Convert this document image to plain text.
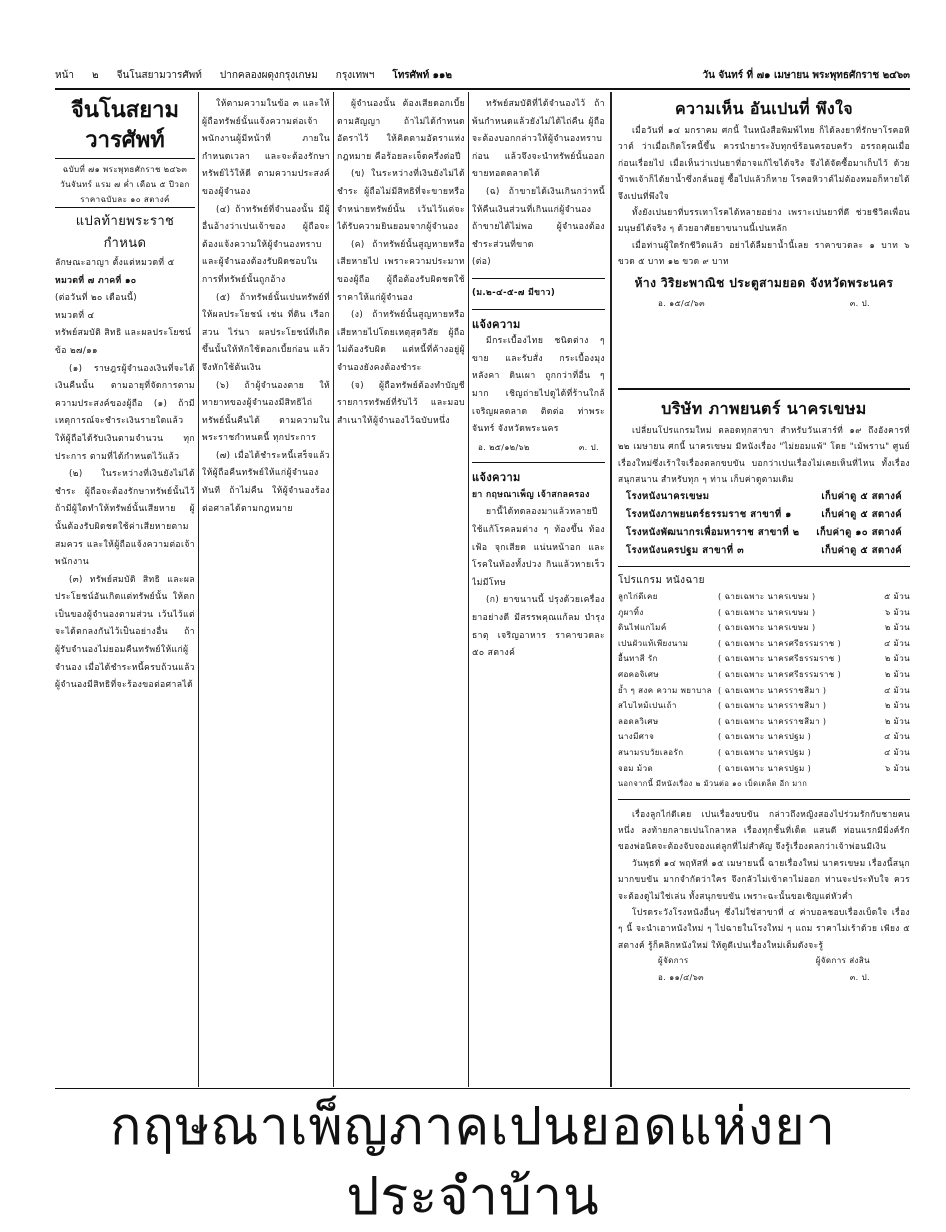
หน้า ๒ จีนโนสยามวารศัพท์ ปากคลองผดุงกรุงเกษม กรุงเทพฯ โทรศัพท์ ๑๑๒	วัน จันทร์ ที่ ๗๑ เมษายน พระพุทธศักราช ๒๔๖๓
จีนโนสยามวารศัพท์
ฉบับที่ ๗๑ พระพุทธศักราช ๒๔๖๓
วันจันทร์ แรม ๗ ค่ำ เดือน ๕ ปีวอก
ราคาฉบับละ ๑๐ สตางค์
แปลท้ายพระราชกำหนด

ลักษณะอาญา ตั้งแต่หมวดที่ ๕

หมวดที่ ๗ ภาคที่ ๑๐

(ต่อวันที่ ๒๐ เดือนนี้)

หมวดที่ ๔

ทรัพย์สมบัติ สิทธิ และผลประโยชน์

ข้อ ๒๗/๑๑

(๑) ราษฎรผู้จำนองเงินที่จะได้เงินคืนนั้น ตามอายุที่จัดการตามความประสงค์ของผู้ถือ (๑) ถ้ามีเหตุการณ์จะชำระเงินรายใดแล้ว ให้ผู้ถือได้รับเงินตามจำนวน ทุกประการ ตามที่ได้กำหนดไว้แล้ว

(๒) ในระหว่างที่เงินยังไม่ได้ชำระ ผู้ถือจะต้องรักษาทรัพย์นั้นไว้ ถ้ามีผู้ใดทำให้ทรัพย์นั้นเสียหาย ผู้นั้นต้องรับผิดชดใช้ค่าเสียหายตามสมควร และให้ผู้ถือแจ้งความต่อเจ้าพนักงาน

(๓) ทรัพย์สมบัติ สิทธิ และผลประโยชน์อันเกิดแต่ทรัพย์นั้น ให้ตกเป็นของผู้จำนองตามส่วน เว้นไว้แต่จะได้ตกลงกันไว้เป็นอย่างอื่น ถ้าผู้รับจำนองไม่ยอมคืนทรัพย์ให้แก่ผู้จำนอง เมื่อได้ชำระหนี้ครบถ้วนแล้ว ผู้จำนองมีสิทธิที่จะร้องขอต่อศาลได้

ให้ตามความในข้อ ๓ และให้ผู้ถือทรัพย์นั้นแจ้งความต่อเจ้าพนักงานผู้มีหน้าที่ ภายในกำหนดเวลา และจะต้องรักษาทรัพย์ไว้ให้ดี ตามความประสงค์ของผู้จำนอง

(๔) ถ้าทรัพย์ที่จำนองนั้น มีผู้อื่นอ้างว่าเปนเจ้าของ ผู้ถือจะต้องแจ้งความให้ผู้จำนองทราบ และผู้จำนองต้องรับผิดชอบในการที่ทรัพย์นั้นถูกอ้าง

(๕) ถ้าทรัพย์นั้นเปนทรัพย์ที่ให้ผลประโยชน์ เช่น ที่ดิน เรือกสวน ไร่นา ผลประโยชน์ที่เกิดขึ้นนั้นให้หักใช้ดอกเบี้ยก่อน แล้วจึงหักใช้ต้นเงิน

(๖) ถ้าผู้จำนองตาย ให้ทายาทของผู้จำนองมีสิทธิไถ่ทรัพย์นั้นคืนได้ ตามความในพระราชกำหนดนี้ ทุกประการ

(๗) เมื่อได้ชำระหนี้เสร็จแล้ว ให้ผู้ถือคืนทรัพย์ให้แก่ผู้จำนองทันที ถ้าไม่คืน ให้ผู้จำนองร้องต่อศาลได้ตามกฎหมาย

ผู้จำนองนั้น ต้องเสียดอกเบี้ยตามสัญญา ถ้าไม่ได้กำหนดอัตราไว้ ให้คิดตามอัตราแห่งกฎหมาย คือร้อยละเจ็ดครึ่งต่อปี

(ข) ในระหว่างที่เงินยังไม่ได้ชำระ ผู้ถือไม่มีสิทธิที่จะขายหรือจำหน่ายทรัพย์นั้น เว้นไว้แต่จะได้รับความยินยอมจากผู้จำนอง

(ค) ถ้าทรัพย์นั้นสูญหายหรือเสียหายไป เพราะความประมาทของผู้ถือ ผู้ถือต้องรับผิดชดใช้ราคาให้แก่ผู้จำนอง

(ง) ถ้าทรัพย์นั้นสูญหายหรือเสียหายไปโดยเหตุสุดวิสัย ผู้ถือไม่ต้องรับผิด แต่หนี้ที่ค้างอยู่ผู้จำนองยังคงต้องชำระ

(จ) ผู้ถือทรัพย์ต้องทำบัญชีรายการทรัพย์ที่รับไว้ และมอบสำเนาให้ผู้จำนองไว้ฉบับหนึ่ง

ทรัพย์สมบัติที่ได้จำนองไว้ ถ้าพ้นกำหนดแล้วยังไม่ได้ไถ่คืน ผู้ถือจะต้องบอกกล่าวให้ผู้จำนองทราบก่อน แล้วจึงจะนำทรัพย์นั้นออกขายทอดตลาดได้

(ฉ) ถ้าขายได้เงินเกินกว่าหนี้ ให้คืนเงินส่วนที่เกินแก่ผู้จำนอง ถ้าขายได้ไม่พอ ผู้จำนองต้องชำระส่วนที่ขาด

(ต่อ)

(ม.๒-๔-๕-๗ มีขาว)

แจ้งความ

มีกระเบื้องไทย ชนิดต่าง ๆ ขาย และรับสั่ง กระเบื้องมุงหลังคา ดินเผา ถูกกว่าที่อื่น ๆ มาก เชิญถ่ายไปดูได้ที่ร้านใกล้เจริญผลตลาด ติดต่อ ท่าพระจันทร์ จังหวัดพระนคร

อ. ๒๕/๑๒/๖๒	๓. ป.

แจ้งความ

ยา กฤษณาเพ็ญ เจ้าสกลครอง

ยานี้ได้ทดลองมาแล้วหลายปี ใช้แก้โรคลมต่าง ๆ ท้องขึ้น ท้องเฟ้อ จุกเสียด แน่นหน้าอก และโรคในท้องทั้งปวง กินแล้วหายเร็ว ไม่มีโทษ

(ก) ยาขนานนี้ ปรุงด้วยเครื่องยาอย่างดี มีสรรพคุณแก้ลม บำรุงธาตุ เจริญอาหาร ราคาขวดละ ๕๐ สตางค์

ความเห็น อันเปนที่ พึงใจ

เมื่อวันที่ ๑๔ มกราคม ศกนี้ ในหนังสือพิมพ์ไทย ก็ได้ลงยาที่รักษาโรคอหิวาต์ ว่าเมื่อเกิดโรคนี้ขึ้น ควรนำยาระงับทุกข์ร้อนครอบครัว อรรถคุณเมื่อก่อนเรื่อยไป เมื่อเห็นว่าเปนยาที่อาจแก้ไขได้จริง จึงได้จัดซื้อมาเก็บไว้ ด้วยข้าพเจ้าก็ได้ยาน้ำซึ่งกลั่นอยู่ ซื้อไปแล้วก็หาย โรคอหิวาต์ไม่ต้องหมอก็หายได้ จึงเปนที่พึงใจ

ทั้งยังเปนยาที่บรรเทาโรคได้หลายอย่าง เพราะเปนยาที่ดี ช่วยชีวิตเพื่อนมนุษย์ได้จริง ๆ ด้วยอาศัยยาขนานนี้เปนหลัก

เมื่อท่านผู้ใดรักชีวิตแล้ว อย่าได้ลืมยาน้ำนี้เลย ราคาขวดละ ๑ บาท ๖ ขวด ๕ บาท ๑๒ ขวด ๙ บาท

ห้าง วิริยะพาณิช ประตูสามยอด จังหวัดพระนคร
อ. ๑๕/๔/๖๓	๓. ป.
บริษัท ภาพยนตร์ นาครเขษม

เปลี่ยนโปรแกรมใหม่ ตลอดทุกสาขา สำหรับวันเสาร์ที่ ๑๙ ถึงอังคารที่ ๒๒ เมษายน ศกนี้ นาครเขษม มีหนังเรื่อง "ไม่ยอมแพ้" โดย "เม้พราน" ศูนย์เรื่องใหม่ซึ่งเร้าใจเรื่องตลกขบขัน บอกว่าเปนเรื่องไม่เคยเห็นที่ไหน ทั้งเรื่อง สนุกสนาน สำหรับทุก ๆ ท่าน เก็บค่าดูตามเดิม

โรงหนังนาครเขษม	เก็บค่าดู ๕ สตางค์
โรงหนังภาพยนตร์ธรรมราช สาขาที่ ๑	เก็บค่าดู ๕ สตางค์
โรงหนังพัฒนากรเพื่อมหาราช สาขาที่ ๒ เก็บค่าดู ๑๐ สตางค์
โรงหนังนครปฐม สาขาที่ ๓	เก็บค่าดู ๕ สตางค์

โปรแกรม หนังฉาย

ลูกไก่ดีเคย	( ฉายเฉพาะ นาครเขษม )	๕ ม้วน
ภูผาทิ้ง	( ฉายเฉพาะ นาครเขษม )	๖ ม้วน
ดินไฟแกไมค์	( ฉายเฉพาะ นาครเขษม )	๒ ม้วน
เปนผัวแท้เพียงนาม	( ฉายเฉพาะ นาครศรีธรรมราช )	๔ ม้วน
อื้นทาสี รัก	( ฉายเฉพาะ นาครศรีธรรมราช )	๒ ม้วน
ศอคอจิเศษ	( ฉายเฉพาะ นาครศรีธรรมราช )	๒ ม้วน
ย้ำ ๆ สงค ความ พยาบาล ( ฉายเฉพาะ นาครราชสีมา )	๔ ม้วน
สไบไหม้เปนเถ้า	( ฉายเฉพาะ นาครราชสีมา )	๒ ม้วน
ลอดลวิเศษ	( ฉายเฉพาะ นาครราชสีมา )	๒ ม้วน
นางมีศาจ	( ฉายเฉพาะ นาครปฐม )	๔ ม้วน
สนามรบวัยเลอรัก	( ฉายเฉพาะ นาครปฐม )	๔ ม้วน
จอม ม้วด	( ฉายเฉพาะ นาครปฐม )	๖ ม้วน

นอกจากนี้ มีหนังเรื่อง ๒ ม้วนต่อ ๑๐ เบ็ดเตล็ด อีก มาก

เรื่องลูกไก่ดีเคย เปนเรื่องขบขัน กล่าวถึงหญิงสองไปร่วมรักกับชายคนหนึ่ง ลงท้ายกลายเปนโกลาหล เรื่องทุกชั้นที่เด็ด แสนดี ท่อนแรกมีมิ่งค์รัก ของพ่อนิดจะต้องจับจองแต่ลูกที่ไม่สำคัญ จึงรู้เรื่องตลกว่าเจ้าพ่อนมีเงิน

วันพุธที่ ๑๔ พฤหัสที่ ๑๕ เมษายนนี้ ฉายเรื่องใหม่ นาครเขษม เรื่องนี้สนุกมากขบขัน มากจำกัดว่าใคร จึงกลัวไม่เข้าตาไม่ออก ท่านจะประทับใจ ควรจะต้องดูไม่ใช่เล่น ทั้งสนุกขบขัน เพราะฉะนั้นขอเชิญแต่หัวค่ำ

โปรดระวังโรงหนังอื่นๆ ซึ่งไม่ใช่สาขาที่ ๔ ค่าบอลชอบเรื่องเบ็ดใจ เรื่อง ๆ นี้ จะนำเอาหนังใหม่ ๆ ไปฉายในโรงใหม่ ๆ แถม ราคาไม่เร้าด้วย เพียง ๕ สตางค์ รู้ก็คลิกหนังใหม่ ให้ดูดีเปนเรื่องใหม่เต็มดังจะรู้

ผู้จัดการ	ผู้จัดการ ส่งสิน
อ. ๑๑/๔/๖๓	๓. ป.
กฤษณาเพ็ญภาคเปนยอดแห่งยาประจำบ้าน
